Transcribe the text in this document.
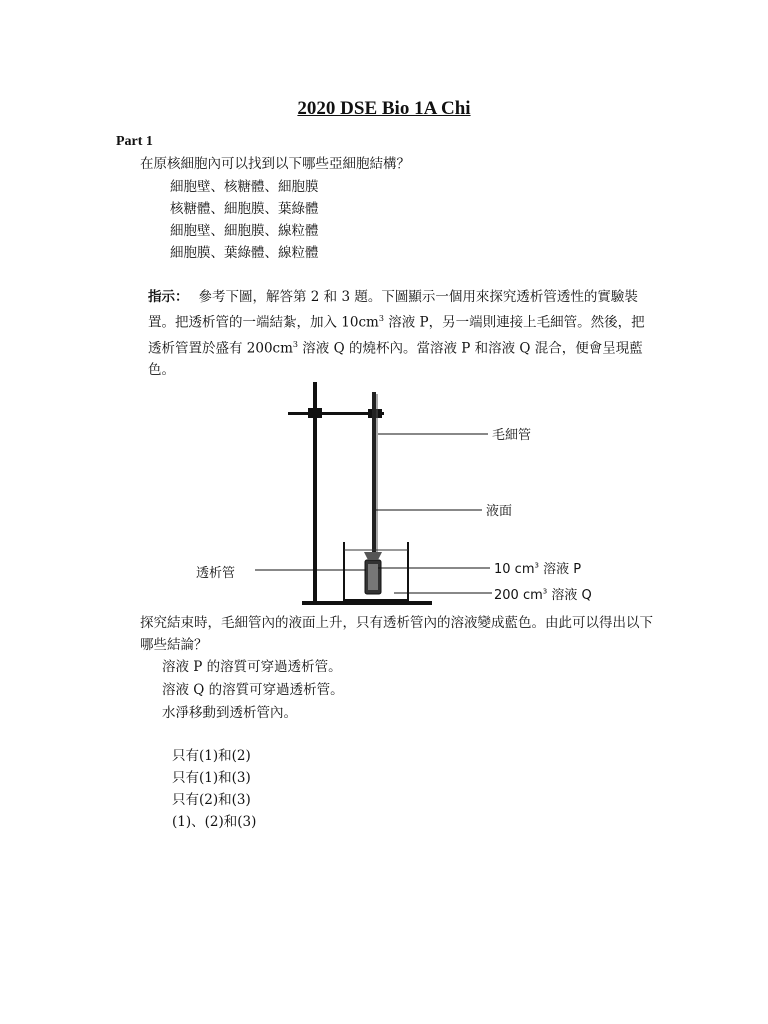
2020 DSE Bio 1A Chi
Part 1
在原核細胞內可以找到以下哪些亞細胞結構？
細胞壁、核糖體、細胞膜
核糖體、細胞膜、葉綠體
細胞壁、細胞膜、線粒體
細胞膜、葉綠體、線粒體
指示： 參考下圖，解答第 2 和 3 題。下圖顯示一個用來探究透析管透性的實驗裝置。把透析管的一端結紮，加入 $10cm^3$ 溶液 P，另一端則連接上毛細管。然後，把透析管置於盛有 $200cm^3$ 溶液 Q 的燒杯內。當溶液 P 和溶液 Q 混合，便會呈現藍色。
毛細管
液面
透析管	10 $cm^3$ 溶液 P
200 $cm^3$ 溶液 Q
探究結束時，毛細管內的液面上升，只有透析管內的溶液變成藍色。由此可以得出以下哪些結論？
溶液 P 的溶質可穿過透析管。
溶液 Q 的溶質可穿過透析管。
水淨移動到透析管內。
只有(1)和(2)
只有(1)和(3)
只有(2)和(3)
(1)、(2)和(3)
